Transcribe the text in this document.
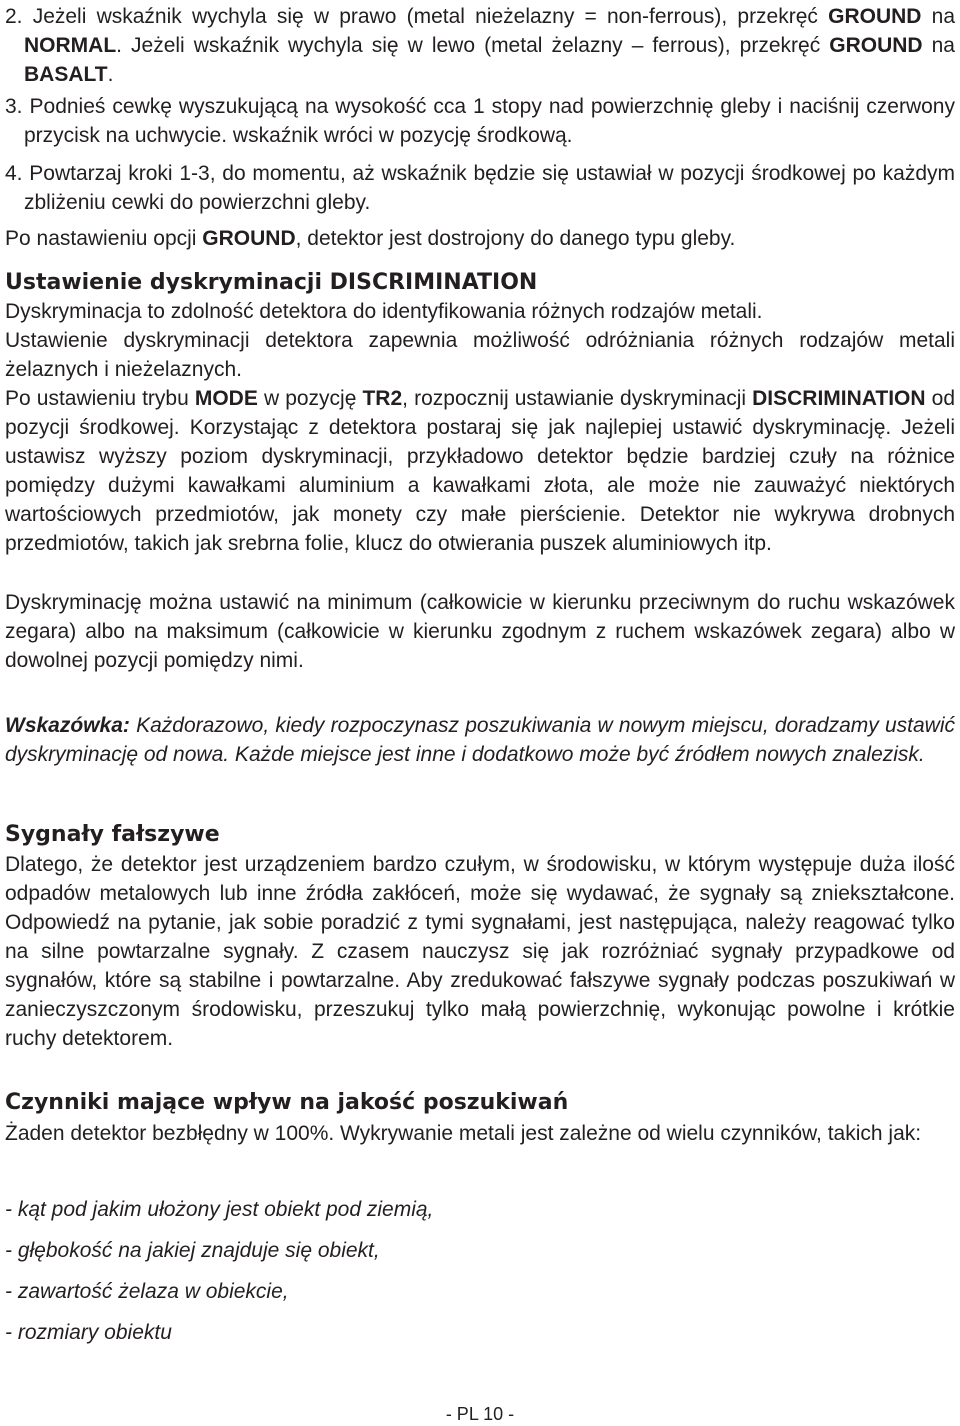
2. Jeżeli wskaźnik wychyla się w prawo (metal nieżelazny = non-ferrous), przekręć GROUND na NORMAL. Jeżeli wskaźnik wychyla się w lewo (metal żelazny – ferrous), przekręć GROUND na BASALT.

3. Podnieś cewkę wyszukującą na wysokość cca 1 stopy nad powierzchnię gleby i naciśnij czerwony przycisk na uchwycie. wskaźnik wróci w pozycję środkową.

4. Powtarzaj kroki 1-3, do momentu, aż wskaźnik będzie się ustawiał w pozycji środkowej po każdym zbliżeniu cewki do powierzchni gleby.

Po nastawieniu opcji GROUND, detektor jest dostrojony do danego typu gleby.

Ustawienie dyskryminacji DISCRIMINATION

Dyskryminacja to zdolność detektora do identyfikowania różnych rodzajów metali.

Ustawienie dyskryminacji detektora zapewnia możliwość odróżniania różnych rodzajów metali żelaznych i nieżelaznych.

Po ustawieniu trybu MODE w pozycję TR2, rozpocznij ustawianie dyskryminacji DISCRIMINATION od pozycji środkowej. Korzystając z detektora postaraj się jak najlepiej ustawić dyskryminację. Jeżeli ustawisz wyższy poziom dyskryminacji, przykładowo detektor będzie bardziej czuły na różnice pomiędzy dużymi kawałkami aluminium a kawałkami złota, ale może nie zauważyć niektórych wartościowych przedmiotów, jak monety czy małe pierścienie. Detektor nie wykrywa drobnych przedmiotów, takich jak srebrna folie, klucz do otwierania puszek aluminiowych itp.

Dyskryminację można ustawić na minimum (całkowicie w kierunku przeciwnym do ruchu wskazówek zegara) albo na maksimum (całkowicie w kierunku zgodnym z ruchem wskazówek zegara) albo w dowolnej pozycji pomiędzy nimi.

Wskazówka: Każdorazowo, kiedy rozpoczynasz poszukiwania w nowym miejscu, doradzamy ustawić dyskryminację od nowa. Każde miejsce jest inne i dodatkowo może być źródłem nowych znalezisk.

Sygnały fałszywe

Dlatego, że detektor jest urządzeniem bardzo czułym, w środowisku, w którym występuje duża ilość odpadów metalowych lub inne źródła zakłóceń, może się wydawać, że sygnały są zniekształcone. Odpowiedź na pytanie, jak sobie poradzić z tymi sygnałami, jest następująca, należy reagować tylko na silne powtarzalne sygnały. Z czasem nauczysz się jak rozróżniać sygnały przypadkowe od sygnałów, które są stabilne i powtarzalne. Aby zredukować fałszywe sygnały podczas poszukiwań w zanieczyszczonym środowisku, przeszukuj tylko małą powierzchnię, wykonując powolne i krótkie ruchy detektorem.

Czynniki mające wpływ na jakość poszukiwań

Żaden detektor bezbłędny w 100%. Wykrywanie metali jest zależne od wielu czynników, takich jak:

- kąt pod jakim ułożony jest obiekt pod ziemią,
- głębokość na jakiej znajduje się obiekt,
- zawartość żelaza w obiekcie,
- rozmiary obiektu
- PL 10 -
